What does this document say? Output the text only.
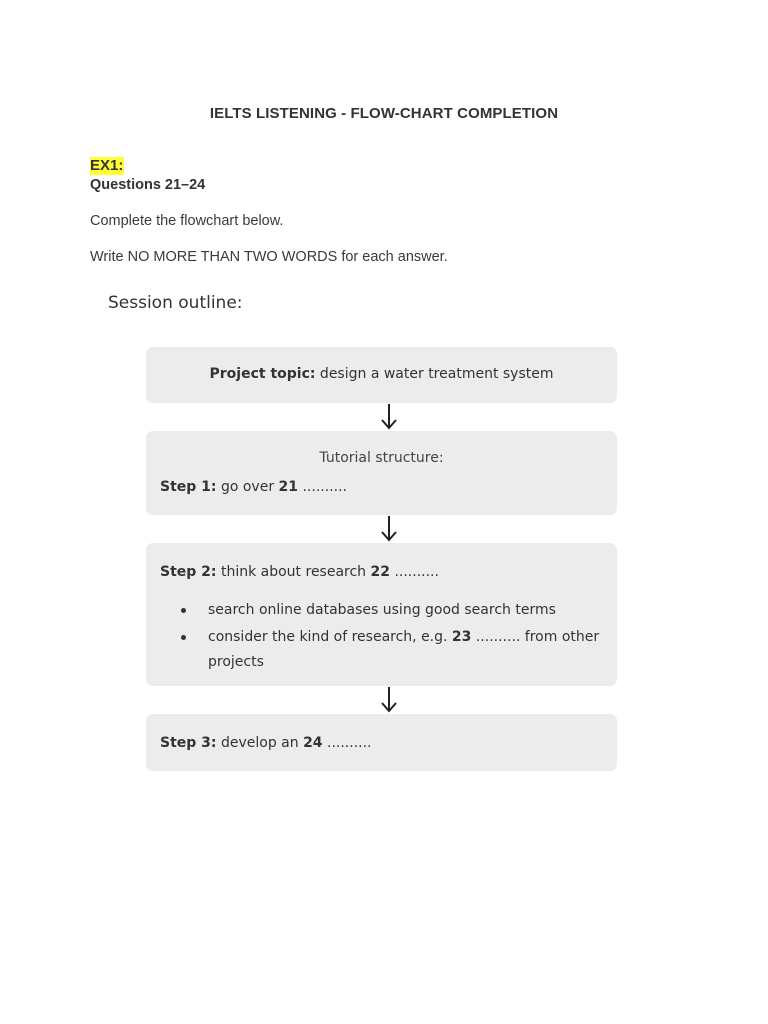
IELTS LISTENING - FLOW-CHART COMPLETION
EX1:
Questions 21–24
Complete the flowchart below.
Write NO MORE THAN TWO WORDS for each answer.
Session outline:
Project topic: design a water treatment system
Tutorial structure:
Step 1: go over 21 ..........
Step 2: think about research 22 ..........
search online databases using good search terms
consider the kind of research, e.g. 23 .......... from other projects
Step 3: develop an 24 ..........
